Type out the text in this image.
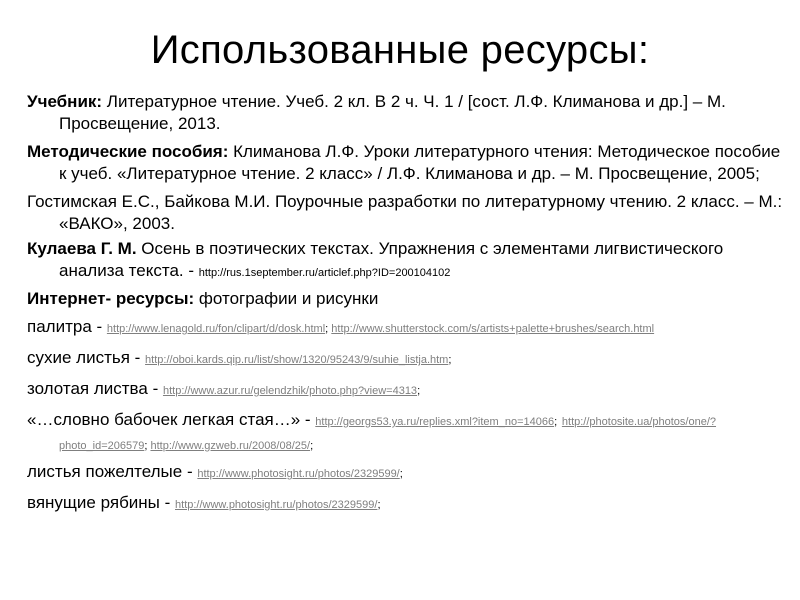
Использованные ресурсы:
Учебник: Литературное чтение. Учеб. 2 кл. В 2 ч. Ч. 1 / [сост. Л.Ф. Климанова и др.] – М. Просвещение, 2013.
Методические пособия: Климанова Л.Ф. Уроки литературного чтения: Методическое пособие к учеб. «Литературное чтение. 2 класс» / Л.Ф. Климанова и др. – М. Просвещение, 2005;
Гостимская Е.С., Байкова М.И. Поурочные разработки по литературному чтению. 2 класс. – М.: «ВАКО», 2003.
Кулаева Г. М. Осень в поэтических текстах. Упражнения с элементами лигвистического анализа текста. - http://rus.1september.ru/articlef.php?ID=200104102
Интернет- ресурсы: фотографии и рисунки
палитра - http://www.lenagold.ru/fon/clipart/d/dosk.html; http://www.shutterstock.com/s/artists+palette+brushes/search.html
сухие листья - http://oboi.kards.qip.ru/list/show/1320/95243/9/suhie_listja.htm;
золотая листва - http://www.azur.ru/gelendzhik/photo.php?view=4313;
«…словно бабочек легкая стая…» - http://georgs53.ya.ru/replies.xml?item_no=14066; http://photosite.ua/photos/one/?photo_id=206579; http://www.gzweb.ru/2008/08/25/;
листья пожелтелые - http://www.photosight.ru/photos/2329599/;
вянущие рябины - http://www.photosight.ru/photos/2329599/;
